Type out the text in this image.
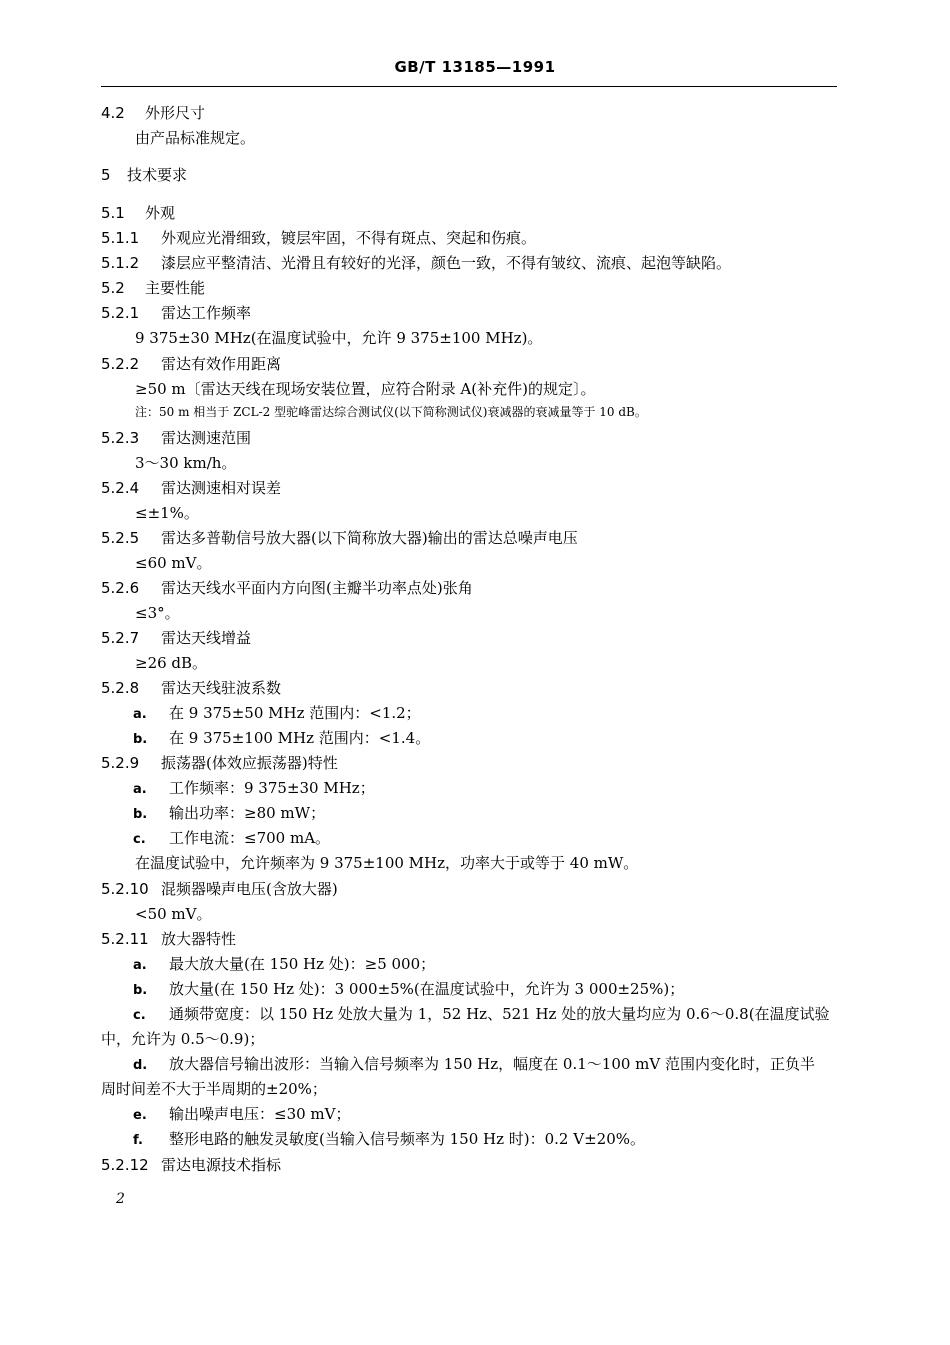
GB/T 13185—1991
4.2 外形尺寸
由产品标准规定。
5 技术要求
5.1 外观
5.1.1 外观应光滑细致，镀层牢固，不得有斑点、突起和伤痕。
5.1.2 漆层应平整清洁、光滑且有较好的光泽，颜色一致，不得有皱纹、流痕、起泡等缺陷。
5.2 主要性能
5.2.1 雷达工作频率
9 375±30 MHz(在温度试验中，允许 9 375±100 MHz)。
5.2.2 雷达有效作用距离
≥50 m〔雷达天线在现场安装位置，应符合附录 A(补充件)的规定〕。
注：50 m 相当于 ZCL-2 型驼峰雷达综合测试仪(以下简称测试仪)衰减器的衰减量等于 10 dB。
5.2.3 雷达测速范围
3～30 km/h。
5.2.4 雷达测速相对误差
≤±1%。
5.2.5 雷达多普勒信号放大器(以下简称放大器)输出的雷达总噪声电压
≤60 mV。
5.2.6 雷达天线水平面内方向图(主瓣半功率点处)张角
≤3°。
5.2.7 雷达天线增益
≥26 dB。
5.2.8 雷达天线驻波系数
a. 在 9 375±50 MHz 范围内：<1.2；
b. 在 9 375±100 MHz 范围内：<1.4。
5.2.9 振荡器(体效应振荡器)特性
a. 工作频率：9 375±30 MHz；
b. 输出功率：≥80 mW；
c. 工作电流：≤700 mA。
在温度试验中，允许频率为 9 375±100 MHz，功率大于或等于 40 mW。
5.2.10 混频器噪声电压(含放大器)
<50 mV。
5.2.11 放大器特性
a. 最大放大量(在 150 Hz 处)：≥5 000；
b. 放大量(在 150 Hz 处)：3 000±5%(在温度试验中，允许为 3 000±25%)；
c. 通频带宽度：以 150 Hz 处放大量为 1，52 Hz、521 Hz 处的放大量均应为 0.6～0.8(在温度试验
中，允许为 0.5～0.9)；
d. 放大器信号输出波形：当输入信号频率为 150 Hz，幅度在 0.1～100 mV 范围内变化时，正负半
周时间差不大于半周期的±20%；
e. 输出噪声电压：≤30 mV；
f. 整形电路的触发灵敏度(当输入信号频率为 150 Hz 时)：0.2 V±20%。
5.2.12 雷达电源技术指标
2
